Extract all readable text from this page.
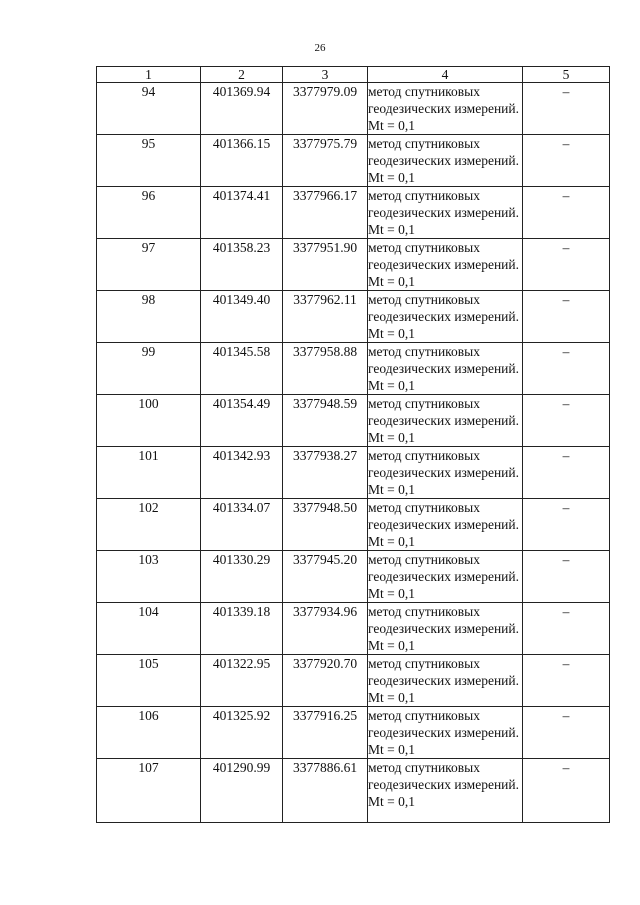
26
1	2	3	4	5
94	401369.94	3377979.09	метод спутниковых геодезических измерений. Mt = 0,1	–
95	401366.15	3377975.79	метод спутниковых геодезических измерений. Mt = 0,1	–
96	401374.41	3377966.17	метод спутниковых геодезических измерений. Mt = 0,1	–
97	401358.23	3377951.90	метод спутниковых геодезических измерений. Mt = 0,1	–
98	401349.40	3377962.11	метод спутниковых геодезических измерений. Mt = 0,1	–
99	401345.58	3377958.88	метод спутниковых геодезических измерений. Mt = 0,1	–
100	401354.49	3377948.59	метод спутниковых геодезических измерений. Mt = 0,1	–
101	401342.93	3377938.27	метод спутниковых геодезических измерений. Mt = 0,1	–
102	401334.07	3377948.50	метод спутниковых геодезических измерений. Mt = 0,1	–
103	401330.29	3377945.20	метод спутниковых геодезических измерений. Mt = 0,1	–
104	401339.18	3377934.96	метод спутниковых геодезических измерений. Mt = 0,1	–
105	401322.95	3377920.70	метод спутниковых геодезических измерений. Mt = 0,1	–
106	401325.92	3377916.25	метод спутниковых геодезических измерений. Mt = 0,1	–
107	401290.99	3377886.61	метод спутниковых геодезических измерений. Mt = 0,1	–
